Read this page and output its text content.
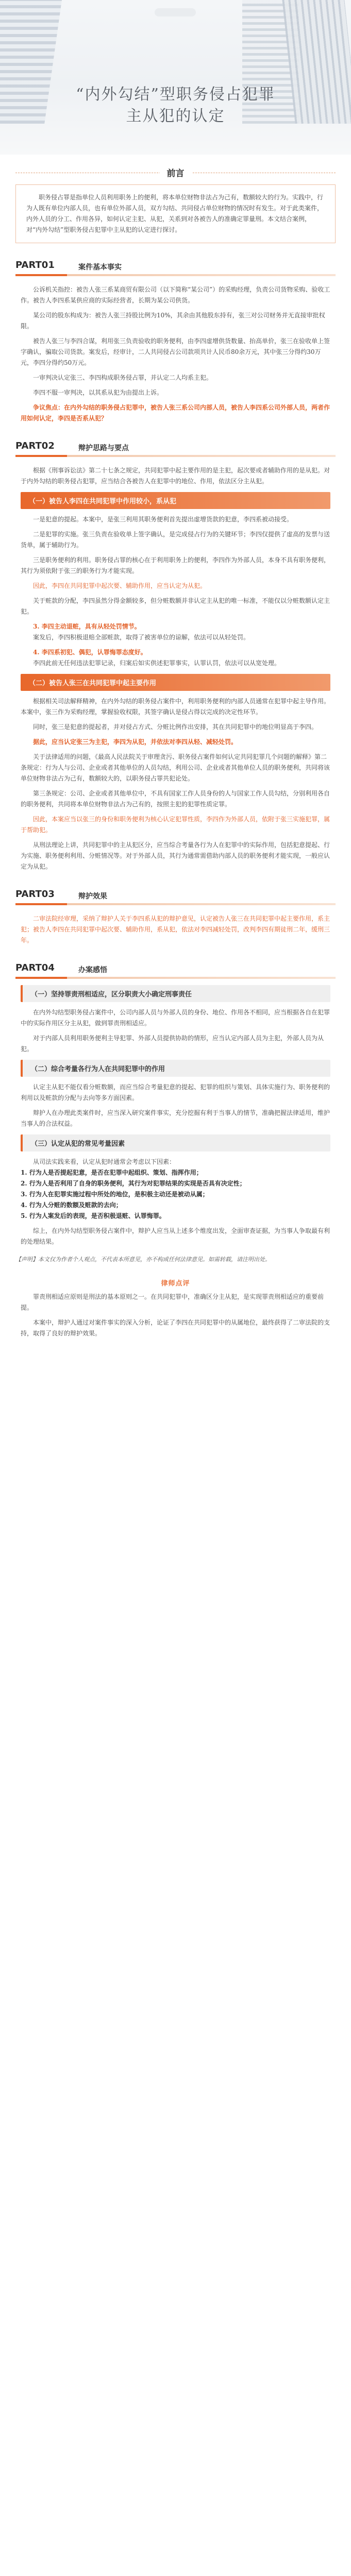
“内外勾结”型职务侵占犯罪
主从犯的认定
前言
职务侵占罪是指单位人员利用职务上的便利，将本单位财物非法占为己有，数额较大的行为。实践中，行为人既有单位内部人员，也有单位外部人员，双方勾结、共同侵占单位财物的情况时有发生。对于此类案件，内外人员的分工、作用各异，如何认定主犯、从犯，关系到对各被告人的准确定罪量刑。本文结合案例，对“内外勾结”型职务侵占犯罪中主从犯的认定进行探讨。
PART01	案件基本事实
公诉机关指控：被告人张三系某商贸有限公司（以下简称“某公司”）的采购经理，负责公司货物采购、验收工作。被告人李四系某供应商的实际经营者，长期为某公司供货。
某公司的股东构成为：被告人张三持股比例为10%，其余由其他股东持有，张三对公司财务并无直接审批权限。
被告人张三与李四合谋，利用张三负责验收的职务便利，由李四虚增供货数量、抬高单价，张三在验收单上签字确认，骗取公司货款。案发后，经审计，二人共同侵占公司款项共计人民币80余万元，其中张三分得约30万元，李四分得约50万元。
一审判决认定张三、李四构成职务侵占罪，并认定二人均系主犯。
李四不服一审判决，以其系从犯为由提出上诉。
争议焦点：在内外勾结的职务侵占犯罪中，被告人张三系公司内部人员，被告人李四系公司外部人员，两者作用如何认定，李四是否系从犯？
PART02	辩护思路与要点
根据《刑事诉讼法》第二十七条之规定，共同犯罪中起主要作用的是主犯，起次要或者辅助作用的是从犯。对于内外勾结的职务侵占犯罪，应当结合各被告人在犯罪中的地位、作用，依法区分主从犯。
（一）被告人李四在共同犯罪中作用较小，系从犯
一是犯意的提起。本案中，是张三利用其职务便利首先提出虚增货款的犯意，李四系被动接受。
二是犯罪的实施。张三负责在验收单上签字确认，是完成侵占行为的关键环节；李四仅提供了虚高的发票与送货单，属于辅助行为。
三是职务便利的利用。职务侵占罪的核心在于利用职务上的便利，李四作为外部人员，本身不具有职务便利，其行为须依附于张三的职务行为才能实现。
因此，李四在共同犯罪中起次要、辅助作用，应当认定为从犯。
关于赃款的分配，李四虽然分得金额较多，但分赃数额并非认定主从犯的唯一标准，不能仅以分赃数额认定主犯。
3. 李四主动退赃，具有从轻处罚情节。
案发后，李四积极退赔全部赃款，取得了被害单位的谅解，依法可以从轻处罚。
4. 李四系初犯、偶犯，认罪悔罪态度好。
李四此前无任何违法犯罪记录，归案后如实供述犯罪事实，认罪认罚，依法可以从宽处理。
（二）被告人张三在共同犯罪中起主要作用
根据相关司法解释精神，在内外勾结的职务侵占案件中，利用职务便利的内部人员通常在犯罪中起主导作用。本案中，张三作为采购经理，掌握验收权限，其签字确认是侵占得以完成的决定性环节。
同时，张三是犯意的提起者，并对侵占方式、分赃比例作出安排，其在共同犯罪中的地位明显高于李四。
据此，应当认定张三为主犯，李四为从犯，并依法对李四从轻、减轻处罚。
关于法律适用的问题，《最高人民法院关于审理贪污、职务侵占案件如何认定共同犯罪几个问题的解释》第二条规定：行为人与公司、企业或者其他单位的人员勾结，利用公司、企业或者其他单位人员的职务便利，共同将该单位财物非法占为己有，数额较大的，以职务侵占罪共犯论处。
第三条规定：公司、企业或者其他单位中，不具有国家工作人员身份的人与国家工作人员勾结，分别利用各自的职务便利，共同将本单位财物非法占为己有的，按照主犯的犯罪性质定罪。
因此，本案应当以张三的身份和职务便利为核心认定犯罪性质，李四作为外部人员，依附于张三实施犯罪，属于帮助犯。
从刑法理论上讲，共同犯罪中的主从犯区分，应当综合考量各行为人在犯罪中的实际作用，包括犯意提起、行为实施、职务便利利用、分赃情况等。对于外部人员，其行为通常需借助内部人员的职务便利才能实现，一般应认定为从犯。
PART03	辩护效果
二审法院经审理，采纳了辩护人关于李四系从犯的辩护意见，认定被告人张三在共同犯罪中起主要作用，系主犯；被告人李四在共同犯罪中起次要、辅助作用，系从犯，依法对李四减轻处罚，改判李四有期徒刑二年，缓刑三年。
PART04	办案感悟
（一）坚持罪责刑相适应，区分职责大小确定刑事责任
在内外勾结型职务侵占案件中，公司内部人员与外部人员的身份、地位、作用各不相同，应当根据各自在犯罪中的实际作用区分主从犯，做到罪责刑相适应。
对于内部人员利用职务便利主导犯罪、外部人员提供协助的情形，应当认定内部人员为主犯，外部人员为从犯。
（二）综合考量各行为人在共同犯罪中的作用
认定主从犯不能仅看分赃数额，而应当综合考量犯意的提起、犯罪的组织与策划、具体实施行为、职务便利的利用以及赃款的分配与去向等多方面因素。
辩护人在办理此类案件时，应当深入研究案件事实，充分挖掘有利于当事人的情节，准确把握法律适用，维护当事人的合法权益。
（三）认定从犯的常见考量因素
从司法实践来看，认定从犯时通常会考虑以下因素：
1. 行为人是否提起犯意，是否在犯罪中起组织、策划、指挥作用；
2. 行为人是否利用了自身的职务便利，其行为对犯罪结果的实现是否具有决定性；
3. 行为人在犯罪实施过程中所处的地位，是积极主动还是被动从属；
4. 行为人分赃的数额及赃款的去向；
5. 行为人案发后的表现，是否积极退赃、认罪悔罪。
综上，在内外勾结型职务侵占案件中，辩护人应当从上述多个维度出发，全面审查证据，为当事人争取最有利的处理结果。
【声明】本文仅为作者个人观点，不代表本所意见，亦不构成任何法律意见。如需转载，请注明出处。
律师点评
罪责刑相适应原则是刑法的基本原则之一。在共同犯罪中，准确区分主从犯，是实现罪责刑相适应的重要前提。
本案中，辩护人通过对案件事实的深入分析，论证了李四在共同犯罪中的从属地位，最终获得了二审法院的支持，取得了良好的辩护效果。
